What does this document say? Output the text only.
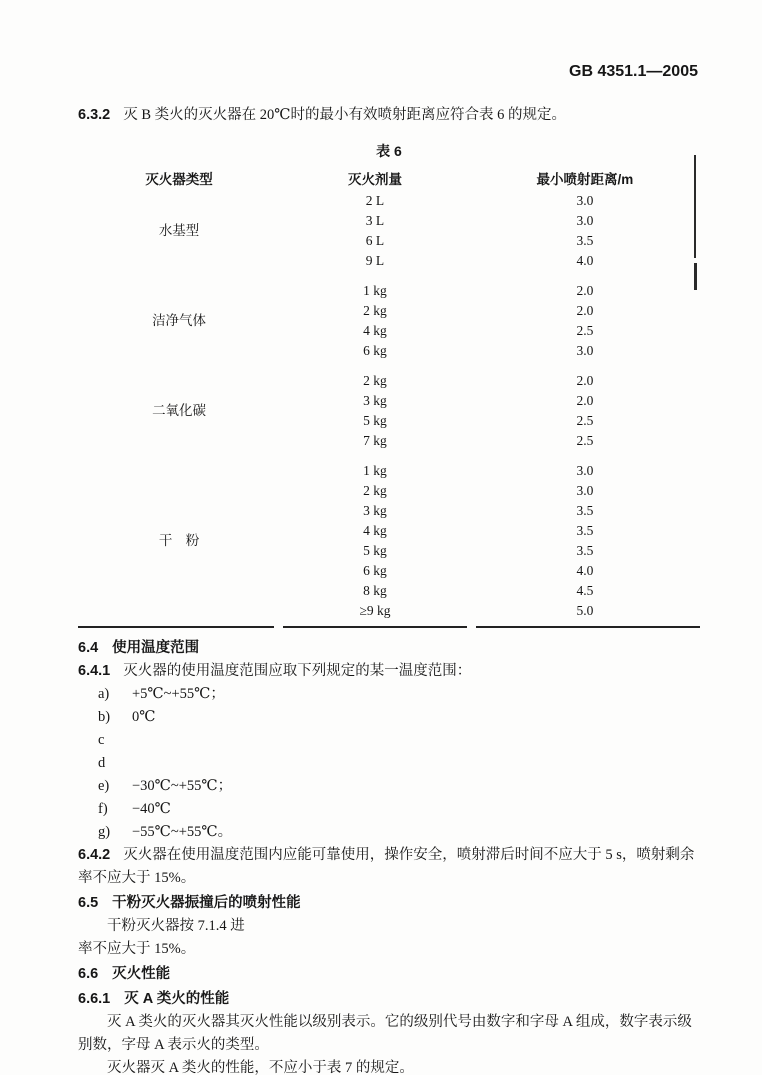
GB 4351.1—2005

6.3.2 灭 B 类火的灭火器在 20℃时的最小有效喷射距离应符合表 6 的规定。

表 6

灭火器类型	灭火剂量	最小喷射距离/m
水基型	2 L	3.0
	3 L	3.0
	6 L	3.5
	9 L	4.0
洁净气体	1 kg	2.0
	2 kg	2.0
	4 kg	2.5
	6 kg	3.0
二氧化碳	2 kg	2.0
	3 kg	2.0
	5 kg	2.5
	7 kg	2.5
干　粉	1 kg	3.0
	2 kg	3.0
	3 kg	3.5
	4 kg	3.5
	5 kg	3.5
	6 kg	4.0
	8 kg	4.5
	≥9 kg	5.0

6.4 使用温度范围

6.4.1 灭火器的使用温度范围应取下列规定的某一温度范围：

a) +5℃~+55℃；
b) 0℃
c
d
e) −30℃~+55℃；
f) −40℃
g) −55℃~+55℃。

6.4.2 灭火器在使用温度范围内应能可靠使用，操作安全，喷射滞后时间不应大于 5 s，喷射剩余率不应大于 15%。

6.5 干粉灭火器振撞后的喷射性能

干粉灭火器按 7.1.4 进

率不应大于 15%。

6.6 灭火性能

6.6.1 灭 A 类火的性能

灭 A 类火的灭火器其灭火性能以级别表示。它的级别代号由数字和字母 A 组成，数字表示级别数，字母 A 表示火的类型。

灭火器灭 A 类火的性能，不应小于表 7 的规定。
